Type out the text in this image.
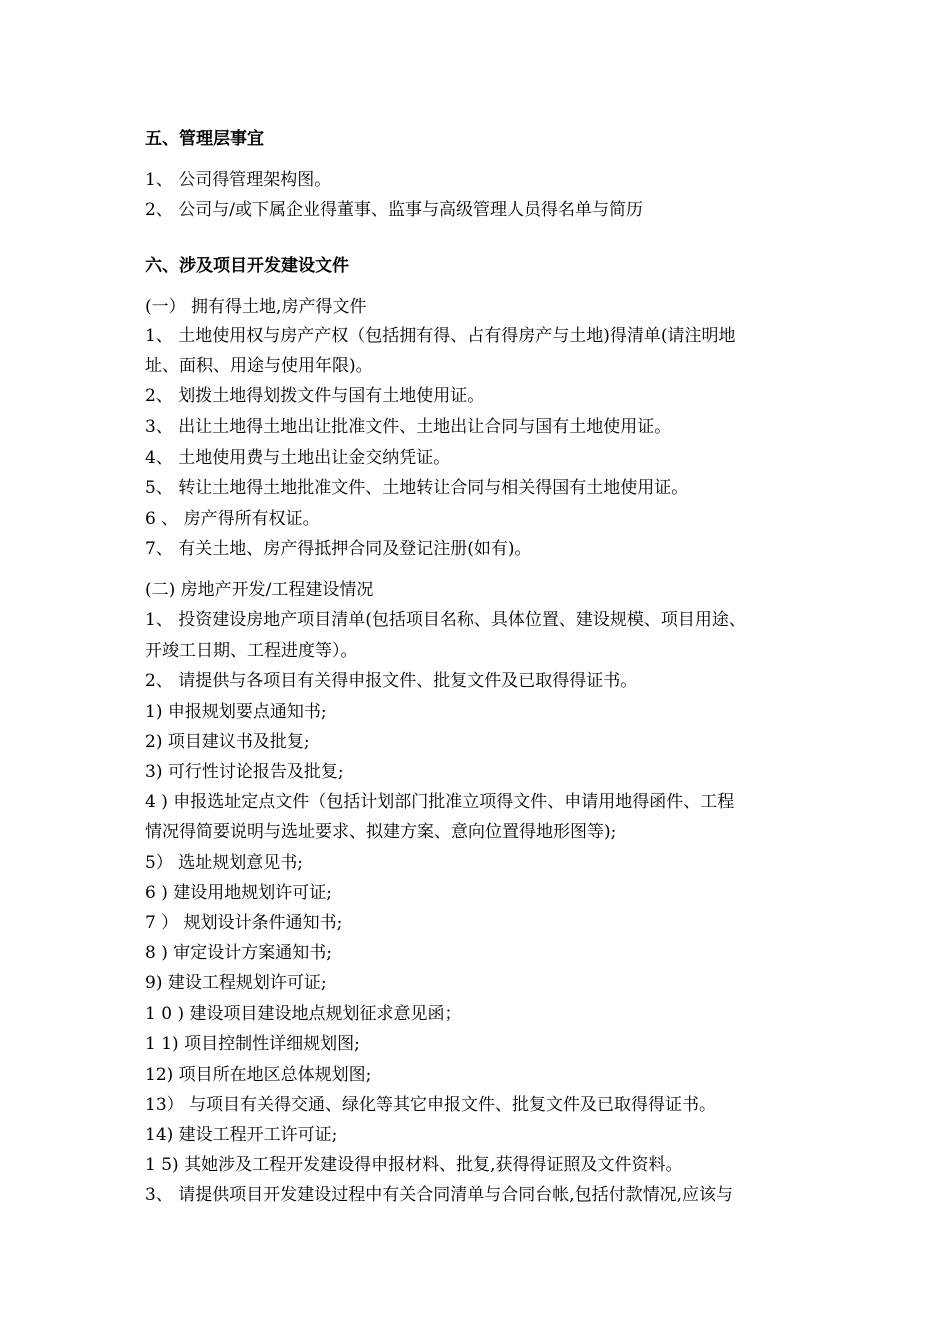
五、管理层事宜
1、 公司得管理架构图。
2、 公司与/或下属企业得董事、监事与高级管理人员得名单与简历
六、涉及项目开发建设文件
(一） 拥有得土地,房产得文件
1、 土地使用权与房产产权（包括拥有得、占有得房产与土地)得清单(请注明地
址、面积、用途与使用年限)。
2、 划拨土地得划拨文件与国有土地使用证。
3、 出让土地得土地出让批准文件、土地出让合同与国有土地使用证。
4、 土地使用费与土地出让金交纳凭证。
5、 转让土地得土地批准文件、土地转让合同与相关得国有土地使用证。
6 、 房产得所有权证。
7、 有关土地、房产得抵押合同及登记注册(如有)。
(二) 房地产开发/工程建设情况
1、 投资建设房地产项目清单(包括项目名称、具体位置、建设规模、项目用途、
开竣工日期、工程进度等）。
2、 请提供与各项目有关得申报文件、批复文件及已取得得证书。
1) 申报规划要点通知书;
2) 项目建议书及批复;
3) 可行性讨论报告及批复;
4 ) 申报选址定点文件（包括计划部门批准立项得文件、申请用地得函件、工程
情况得简要说明与选址要求、拟建方案、意向位置得地形图等);
5） 选址规划意见书;
6 ) 建设用地规划许可证;
7 ） 规划设计条件通知书;
8 ) 审定设计方案通知书;
9) 建设工程规划许可证;
1 0 ) 建设项目建设地点规划征求意见函；
1 1) 项目控制性详细规划图;
12) 项目所在地区总体规划图;
13） 与项目有关得交通、绿化等其它申报文件、批复文件及已取得得证书。
14) 建设工程开工许可证;
1 5) 其她涉及工程开发建设得申报材料、批复,获得得证照及文件资料。
3、 请提供项目开发建设过程中有关合同清单与合同台帐,包括付款情况,应该与
